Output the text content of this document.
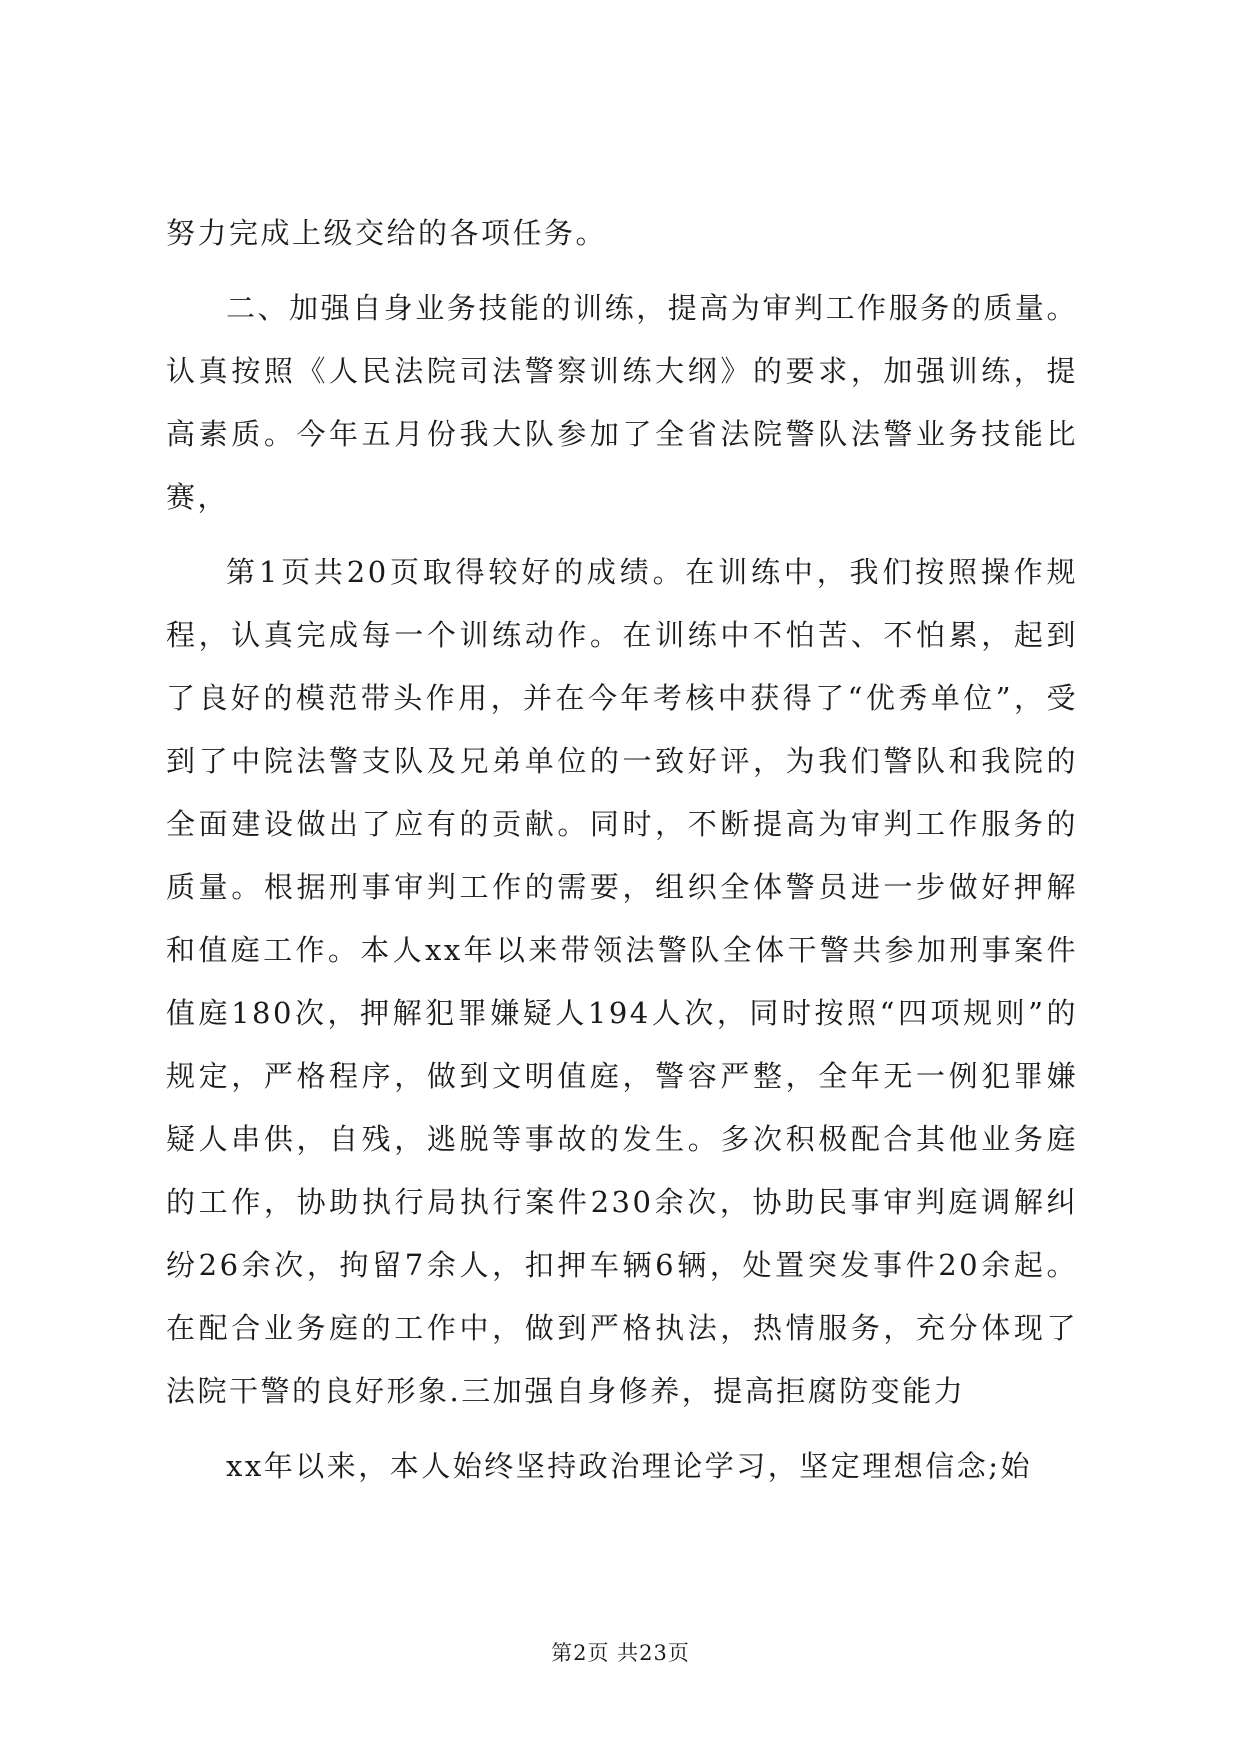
努力完成上级交给的各项任务。

二、加强自身业务技能的训练，提高为审判工作服务的质量。认真按照《人民法院司法警察训练大纲》的要求，加强训练，提高素质。今年五月份我大队参加了全省法院警队法警业务技能比赛，

第1页共20页取得较好的成绩。在训练中，我们按照操作规程，认真完成每一个训练动作。在训练中不怕苦、不怕累，起到了良好的模范带头作用，并在今年考核中获得了“优秀单位”，受到了中院法警支队及兄弟单位的一致好评，为我们警队和我院的全面建设做出了应有的贡献。同时，不断提高为审判工作服务的质量。根据刑事审判工作的需要，组织全体警员进一步做好押解和值庭工作。本人xx年以来带领法警队全体干警共参加刑事案件值庭180次，押解犯罪嫌疑人194人次，同时按照“四项规则”的规定，严格程序，做到文明值庭，警容严整，全年无一例犯罪嫌疑人串供，自残，逃脱等事故的发生。多次积极配合其他业务庭的工作，协助执行局执行案件230余次，协助民事审判庭调解纠纷26余次，拘留7余人，扣押车辆6辆，处置突发事件20余起。在配合业务庭的工作中，做到严格执法，热情服务，充分体现了法院干警的良好形象.三加强自身修养，提高拒腐防变能力

xx年以来，本人始终坚持政治理论学习，坚定理想信念;始

第2页 共23页
